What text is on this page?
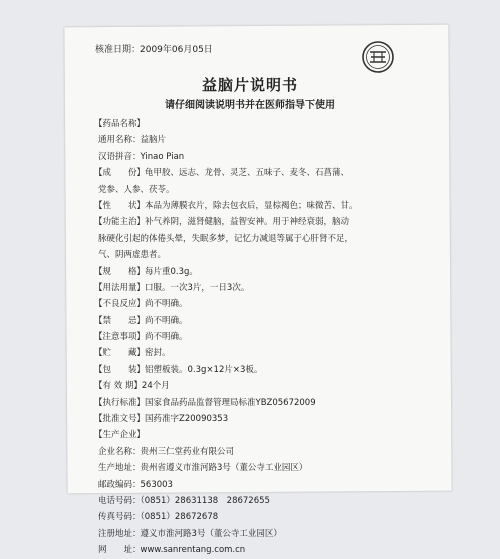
核准日期：2009年06月05日
益脑片说明书
请仔细阅读说明书并在医师指导下使用
【药品名称】
通用名称：益脑片
汉语拼音：Yinao Pian
【成　　份】龟甲胶、远志、龙骨、灵芝、五味子、麦冬、石菖蒲、
党参、人参、茯苓。
【性　　状】本品为薄膜衣片，除去包衣后，显棕褐色；味微苦、甘。
【功能主治】补气养阴，滋肾健脑，益智安神。用于神经衰弱，脑动
脉硬化引起的体倦头晕，失眠多梦，记忆力减退等属于心肝肾不足，
气、阴两虚患者。
【规　　格】每片重0.3g。
【用法用量】口服。一次3片，一日3次。
【不良反应】尚不明确。
【禁　　忌】尚不明确。
【注意事项】尚不明确。
【贮　　藏】密封。
【包　　装】铝塑板装。0.3g×12片×3板。
【有 效 期】24个月
【执行标准】国家食品药品监督管理局标准YBZ05672009
【批准文号】国药准字Z20090353
【生产企业】
企业名称：贵州三仁堂药业有限公司
生产地址：贵州省遵义市淮河路3号（董公寺工业园区）
邮政编码：563003
电话号码：（0851）28631138　28672655
传真号码：（0851）28672678
注册地址：遵义市淮河路3号（董公寺工业园区）
网　　址：www.sanrentang.com.cn
